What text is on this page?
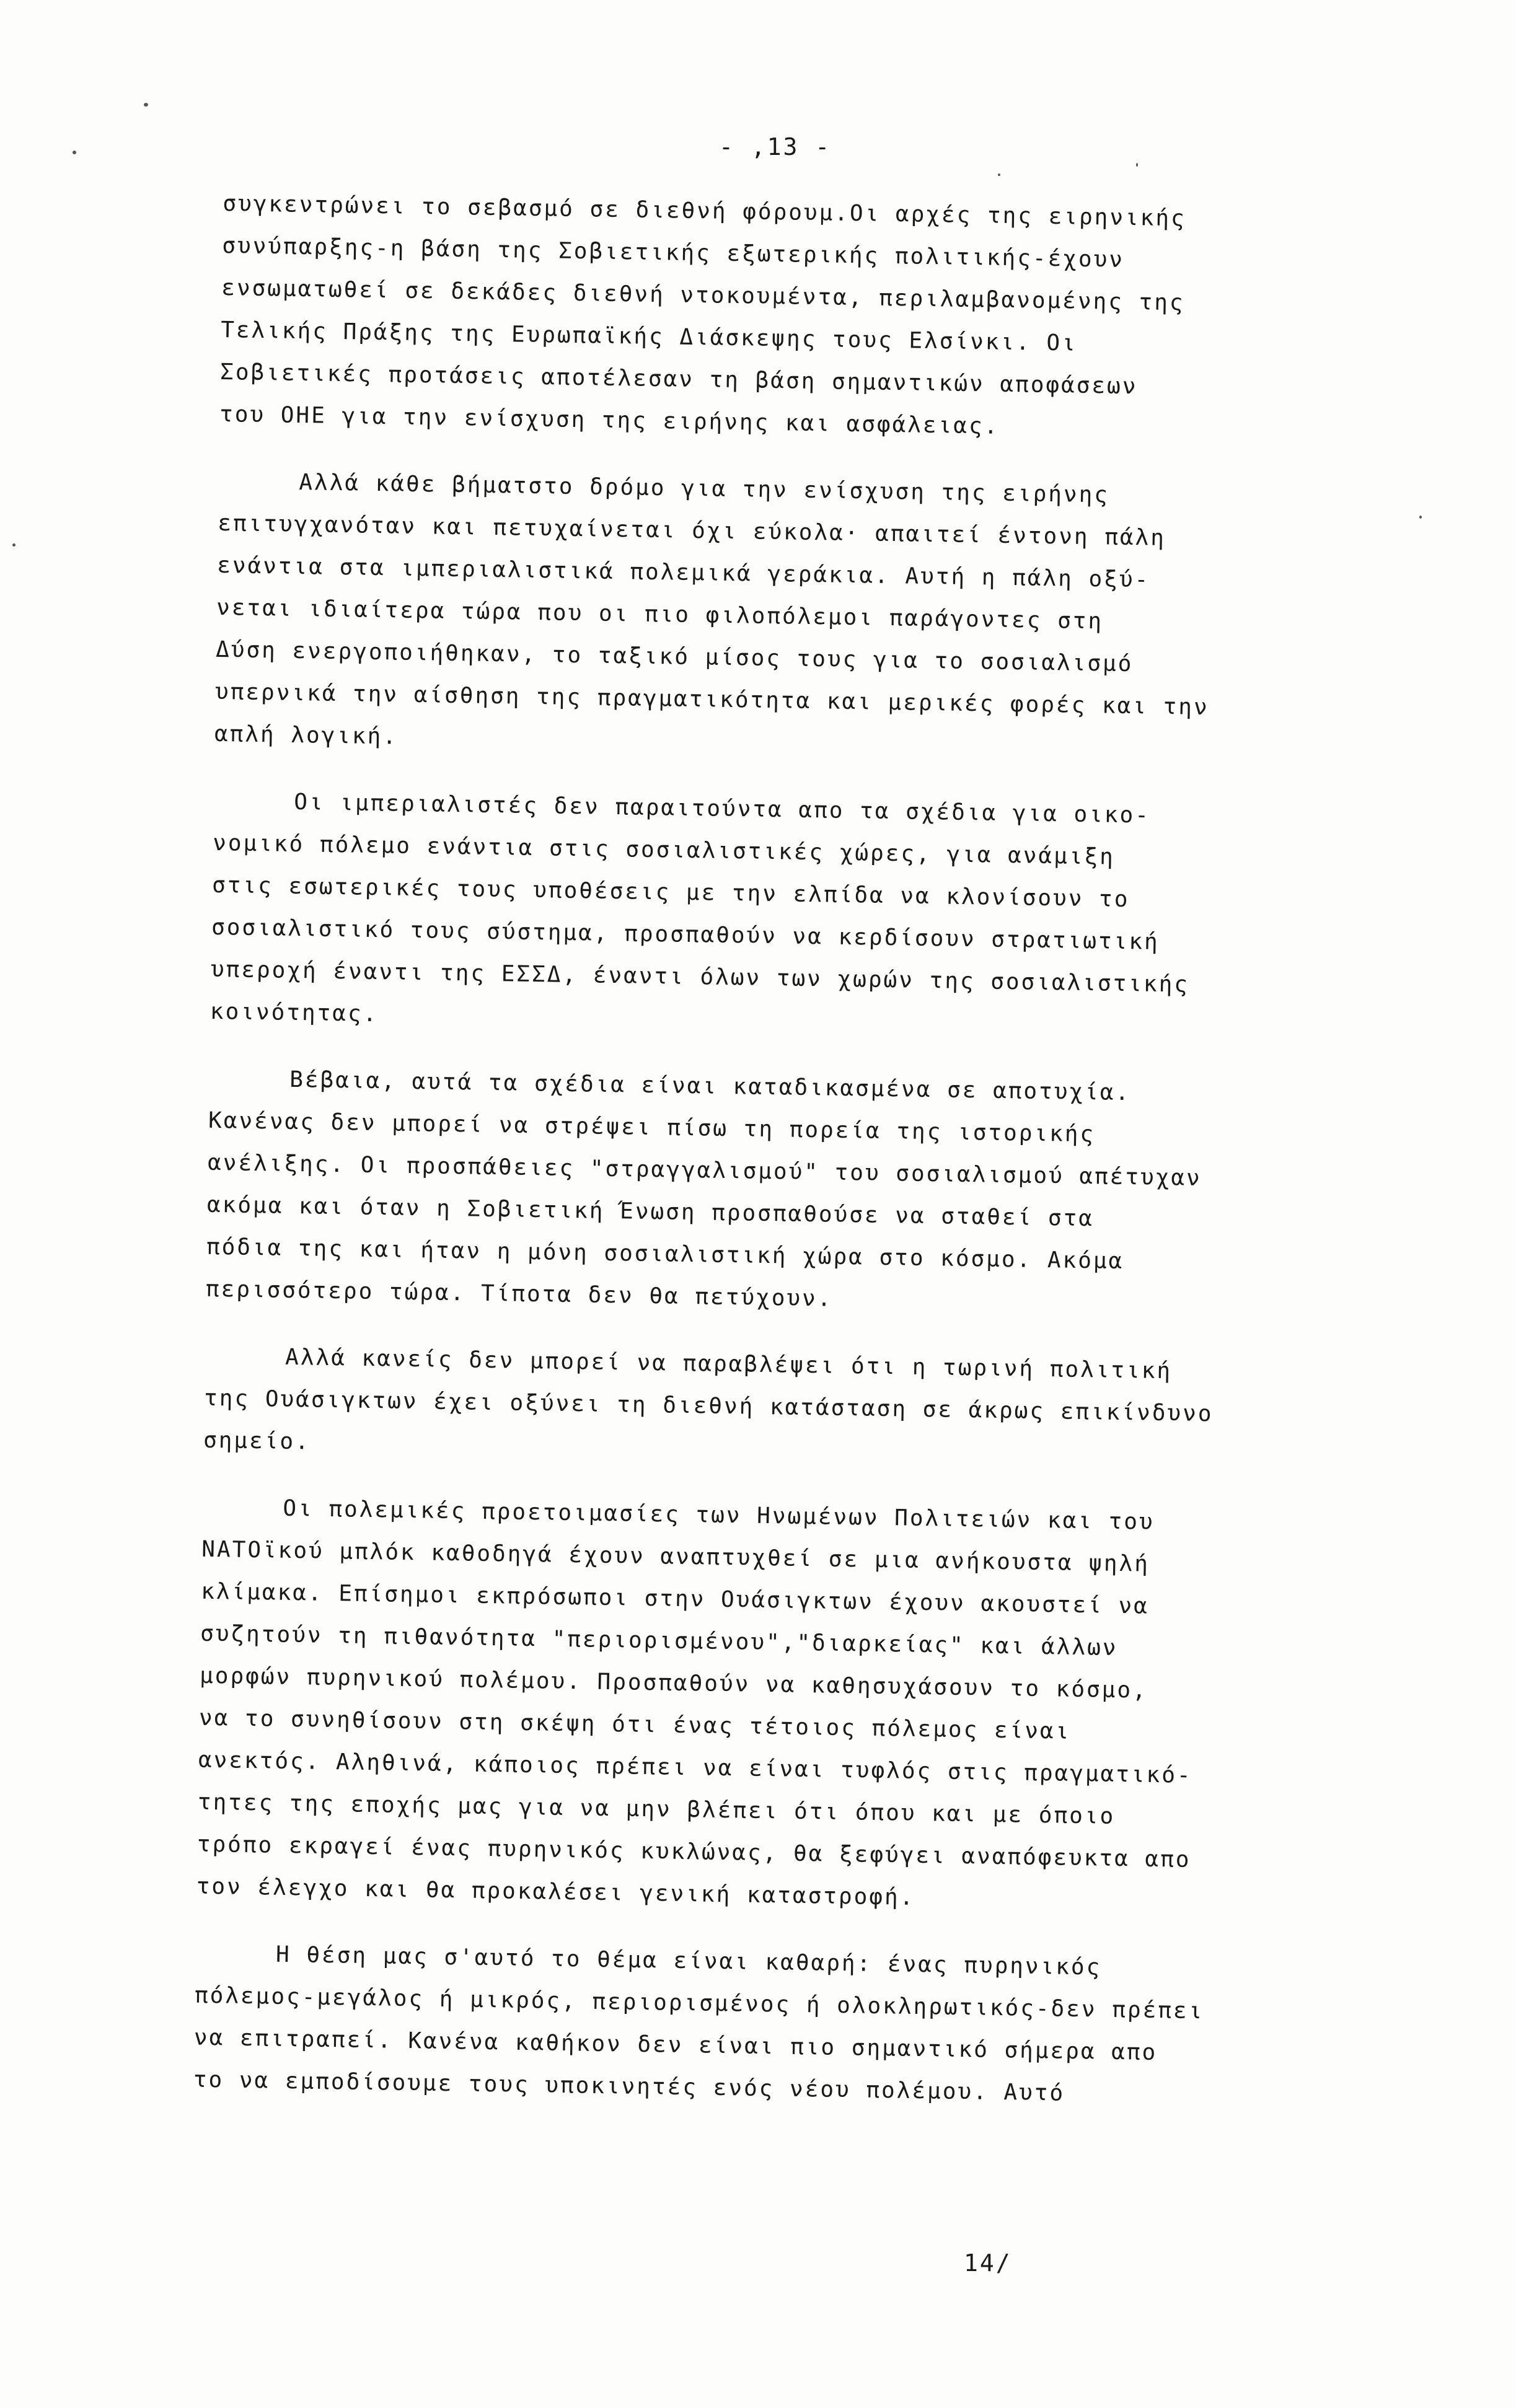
- ,13 -
συγκεντρώνει το σεβασμό σε διεθνή φόρουμ.Οι αρχές της ειρηνικής
συνύπαρξης-η βάση της Σοβιετικής εξωτερικής πολιτικής-έχουν
ενσωματωθεί σε δεκάδες διεθνή ντοκουμέντα, περιλαμβανομένης της
Τελικής Πράξης της Ευρωπαϊκής Διάσκεψης τους Ελσίνκι. Οι
Σοβιετικές προτάσεις αποτέλεσαν τη βάση σημαντικών αποφάσεων
του ΟΗΕ για την ενίσχυση της ειρήνης και ασφάλειας.
Αλλά κάθε βήματστο δρόμο για την ενίσχυση της ειρήνης
επιτυγχανόταν και πετυχαίνεται όχι εύκολα· απαιτεί έντονη πάλη
ενάντια στα ιμπεριαλιστικά πολεμικά γεράκια. Αυτή η πάλη οξύ-
νεται ιδιαίτερα τώρα που οι πιο φιλοπόλεμοι παράγοντες στη
Δύση ενεργοποιήθηκαν, το ταξικό μίσος τους για το σοσιαλισμό
υπερνικά την αίσθηση της πραγματικότητα και μερικές φορές και την
απλή λογική.
Οι ιμπεριαλιστές δεν παραιτούντα απο τα σχέδια για οικο-
νομικό πόλεμο ενάντια στις σοσιαλιστικές χώρες, για ανάμιξη
στις εσωτερικές τους υποθέσεις με την ελπίδα να κλονίσουν το
σοσιαλιστικό τους σύστημα, προσπαθούν να κερδίσουν στρατιωτική
υπεροχή έναντι της ΕΣΣΔ, έναντι όλων των χωρών της σοσιαλιστικής
κοινότητας.
Βέβαια, αυτά τα σχέδια είναι καταδικασμένα σε αποτυχία.
Κανένας δεν μπορεί να στρέψει πίσω τη πορεία της ιστορικής
ανέλιξης. Οι προσπάθειες "στραγγαλισμού" του σοσιαλισμού απέτυχαν
ακόμα και όταν η Σοβιετική Ένωση προσπαθούσε να σταθεί στα
πόδια της και ήταν η μόνη σοσιαλιστική χώρα στο κόσμο. Ακόμα
περισσότερο τώρα. Τίποτα δεν θα πετύχουν.
Αλλά κανείς δεν μπορεί να παραβλέψει ότι η τωρινή πολιτική
της Ουάσιγκτων έχει οξύνει τη διεθνή κατάσταση σε άκρως επικίνδυνο
σημείο.
Οι πολεμικές προετοιμασίες των Ηνωμένων Πολιτειών και του
ΝΑΤΟϊκού μπλόκ καθοδηγά έχουν αναπτυχθεί σε μια ανήκουστα ψηλή
κλίμακα. Επίσημοι εκπρόσωποι στην Ουάσιγκτων έχουν ακουστεί να
συζητούν τη πιθανότητα "περιορισμένου","διαρκείας" και άλλων
μορφών πυρηνικού πολέμου. Προσπαθούν να καθησυχάσουν το κόσμο,
να το συνηθίσουν στη σκέψη ότι ένας τέτοιος πόλεμος είναι
ανεκτός. Αληθινά, κάποιος πρέπει να είναι τυφλός στις πραγματικό-
τητες της εποχής μας για να μην βλέπει ότι όπου και με όποιο
τρόπο εκραγεί ένας πυρηνικός κυκλώνας, θα ξεφύγει αναπόφευκτα απο
τον έλεγχο και θα προκαλέσει γενική καταστροφή.
Η θέση μας σ'αυτό το θέμα είναι καθαρή: ένας πυρηνικός
πόλεμος-μεγάλος ή μικρός, περιορισμένος ή ολοκληρωτικός-δεν πρέπει
να επιτραπεί. Κανένα καθήκον δεν είναι πιο σημαντικό σήμερα απο
το να εμποδίσουμε τους υποκινητές ενός νέου πολέμου. Αυτό
14/
